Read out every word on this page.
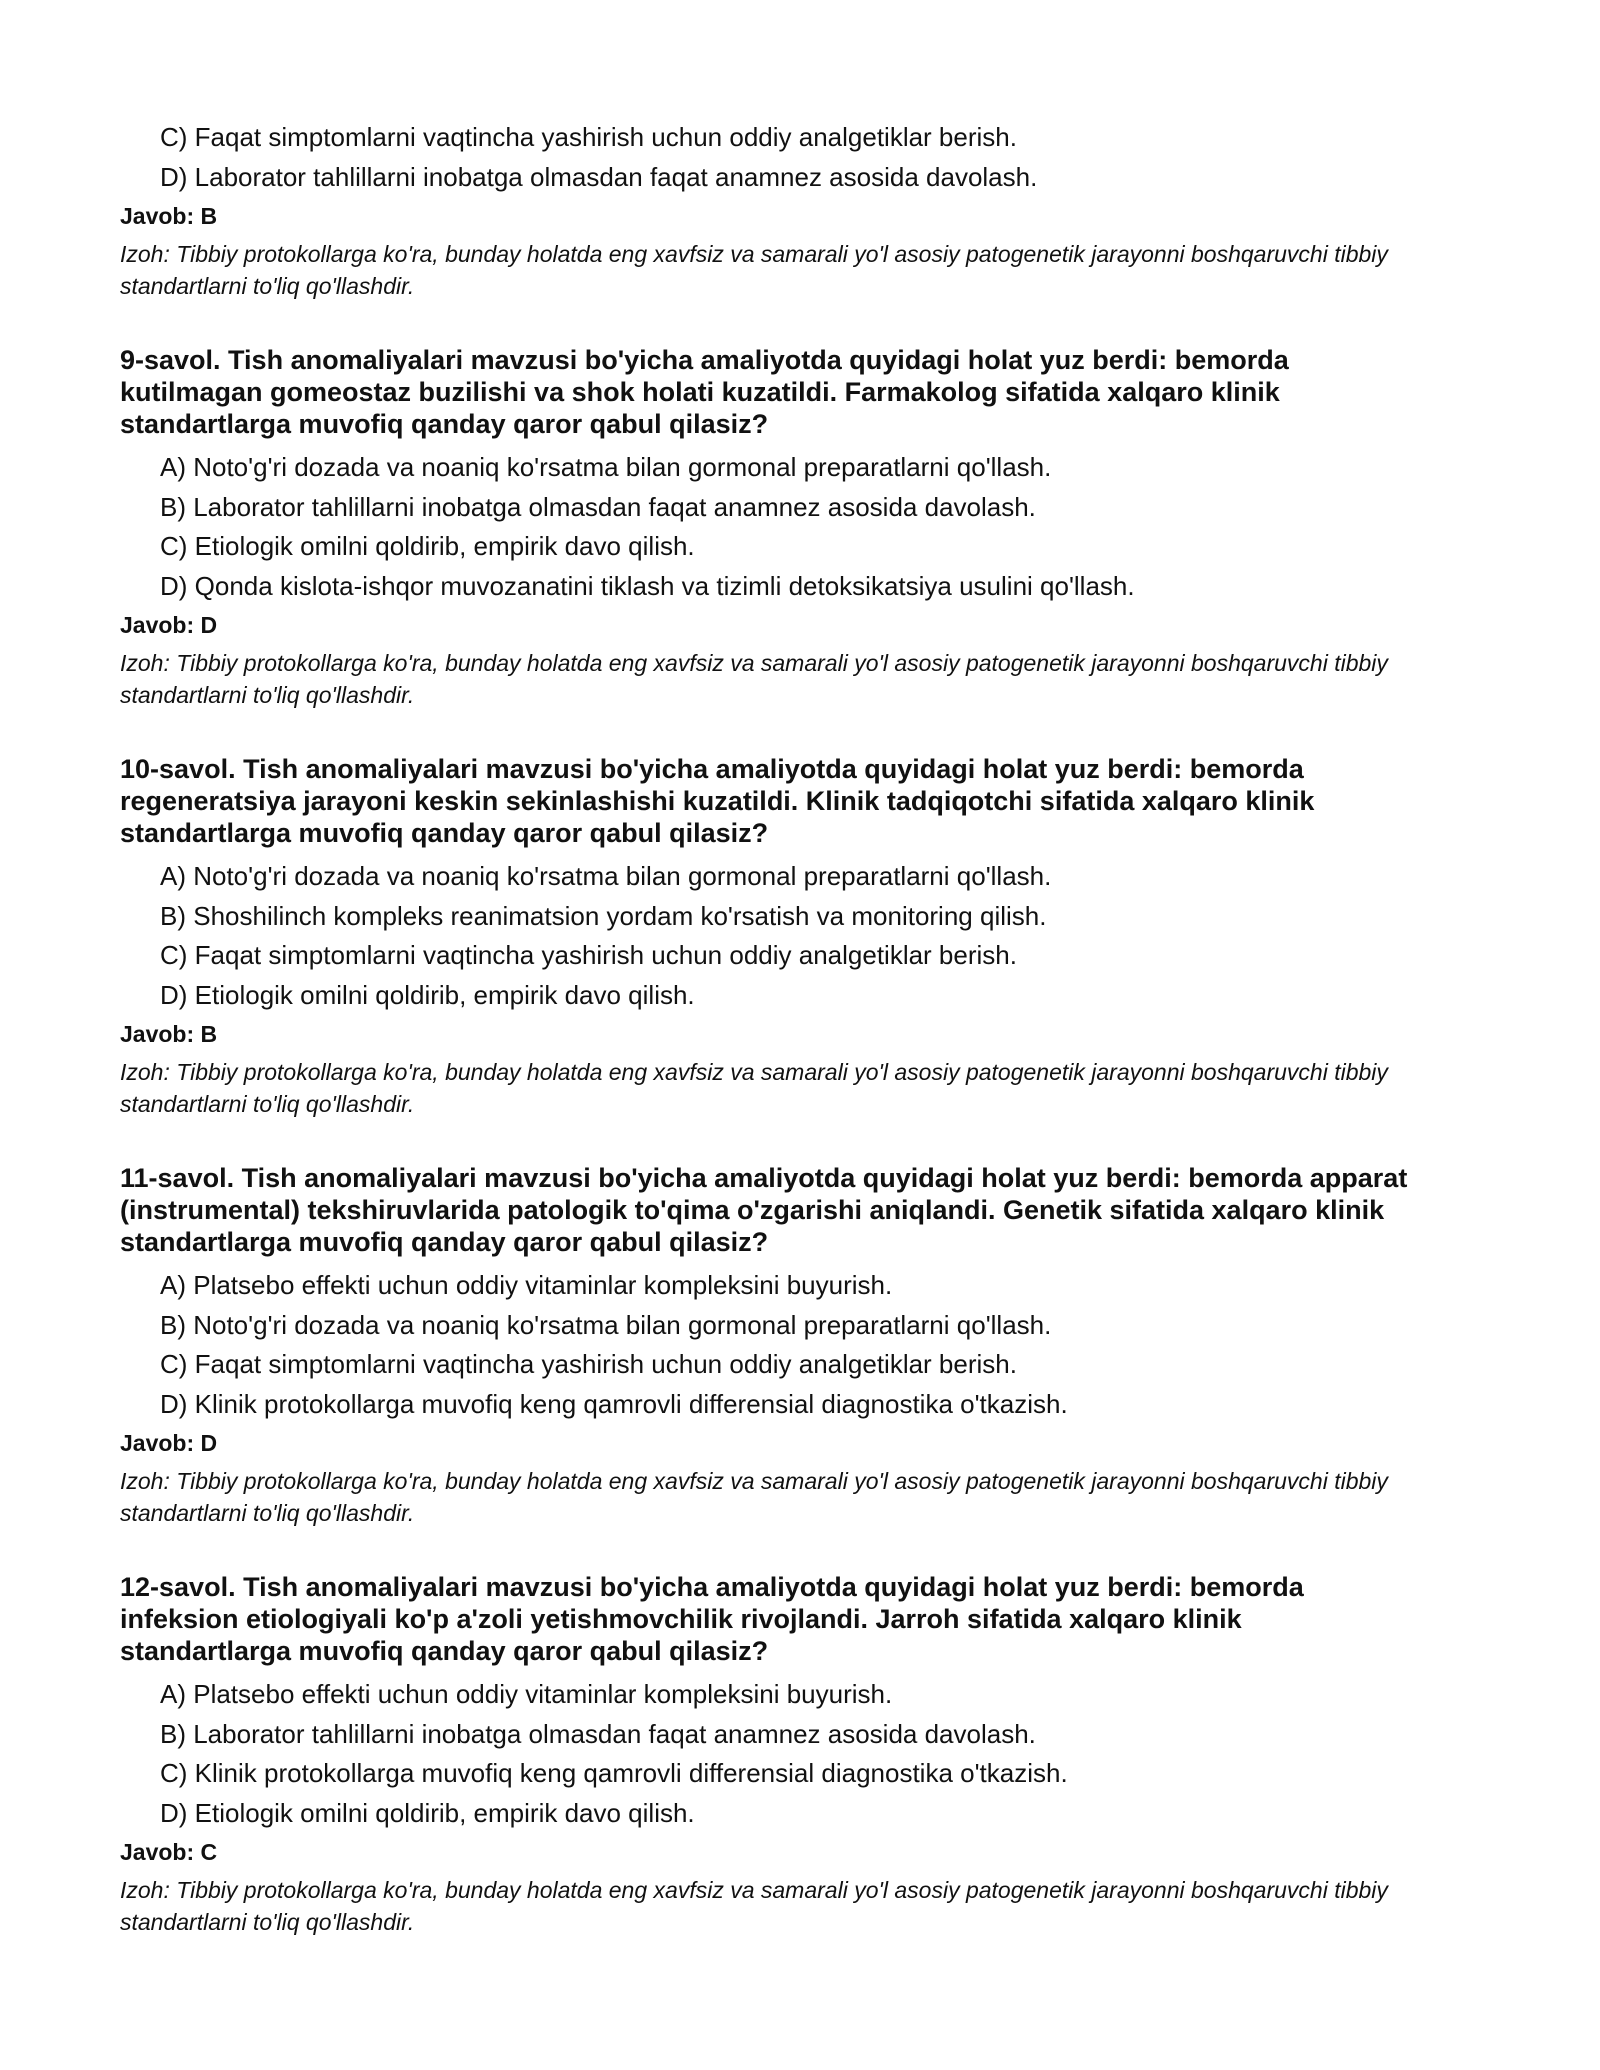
C) Faqat simptomlarni vaqtincha yashirish uchun oddiy analgetiklar berish.
D) Laborator tahlillarni inobatga olmasdan faqat anamnez asosida davolash.
Javob: B
Izoh: Tibbiy protokollarga ko'ra, bunday holatda eng xavfsiz va samarali yo'l asosiy patogenetik jarayonni boshqaruvchi tibbiy standartlarni to'liq qo'llashdir.
9-savol. Tish anomaliyalari mavzusi bo'yicha amaliyotda quyidagi holat yuz berdi: bemorda kutilmagan gomeostaz buzilishi va shok holati kuzatildi. Farmakolog sifatida xalqaro klinik standartlarga muvofiq qanday qaror qabul qilasiz?
A) Noto'g'ri dozada va noaniq ko'rsatma bilan gormonal preparatlarni qo'llash.
B) Laborator tahlillarni inobatga olmasdan faqat anamnez asosida davolash.
C) Etiologik omilni qoldirib, empirik davo qilish.
D) Qonda kislota-ishqor muvozanatini tiklash va tizimli detoksikatsiya usulini qo'llash.
Javob: D
Izoh: Tibbiy protokollarga ko'ra, bunday holatda eng xavfsiz va samarali yo'l asosiy patogenetik jarayonni boshqaruvchi tibbiy standartlarni to'liq qo'llashdir.
10-savol. Tish anomaliyalari mavzusi bo'yicha amaliyotda quyidagi holat yuz berdi: bemorda regeneratsiya jarayoni keskin sekinlashishi kuzatildi. Klinik tadqiqotchi sifatida xalqaro klinik standartlarga muvofiq qanday qaror qabul qilasiz?
A) Noto'g'ri dozada va noaniq ko'rsatma bilan gormonal preparatlarni qo'llash.
B) Shoshilinch kompleks reanimatsion yordam ko'rsatish va monitoring qilish.
C) Faqat simptomlarni vaqtincha yashirish uchun oddiy analgetiklar berish.
D) Etiologik omilni qoldirib, empirik davo qilish.
Javob: B
Izoh: Tibbiy protokollarga ko'ra, bunday holatda eng xavfsiz va samarali yo'l asosiy patogenetik jarayonni boshqaruvchi tibbiy standartlarni to'liq qo'llashdir.
11-savol. Tish anomaliyalari mavzusi bo'yicha amaliyotda quyidagi holat yuz berdi: bemorda apparat (instrumental) tekshiruvlarida patologik to'qima o'zgarishi aniqlandi. Genetik sifatida xalqaro klinik standartlarga muvofiq qanday qaror qabul qilasiz?
A) Platsebo effekti uchun oddiy vitaminlar kompleksini buyurish.
B) Noto'g'ri dozada va noaniq ko'rsatma bilan gormonal preparatlarni qo'llash.
C) Faqat simptomlarni vaqtincha yashirish uchun oddiy analgetiklar berish.
D) Klinik protokollarga muvofiq keng qamrovli differensial diagnostika o'tkazish.
Javob: D
Izoh: Tibbiy protokollarga ko'ra, bunday holatda eng xavfsiz va samarali yo'l asosiy patogenetik jarayonni boshqaruvchi tibbiy standartlarni to'liq qo'llashdir.
12-savol. Tish anomaliyalari mavzusi bo'yicha amaliyotda quyidagi holat yuz berdi: bemorda infeksion etiologiyali ko'p a'zoli yetishmovchilik rivojlandi. Jarroh sifatida xalqaro klinik standartlarga muvofiq qanday qaror qabul qilasiz?
A) Platsebo effekti uchun oddiy vitaminlar kompleksini buyurish.
B) Laborator tahlillarni inobatga olmasdan faqat anamnez asosida davolash.
C) Klinik protokollarga muvofiq keng qamrovli differensial diagnostika o'tkazish.
D) Etiologik omilni qoldirib, empirik davo qilish.
Javob: C
Izoh: Tibbiy protokollarga ko'ra, bunday holatda eng xavfsiz va samarali yo'l asosiy patogenetik jarayonni boshqaruvchi tibbiy standartlarni to'liq qo'llashdir.
